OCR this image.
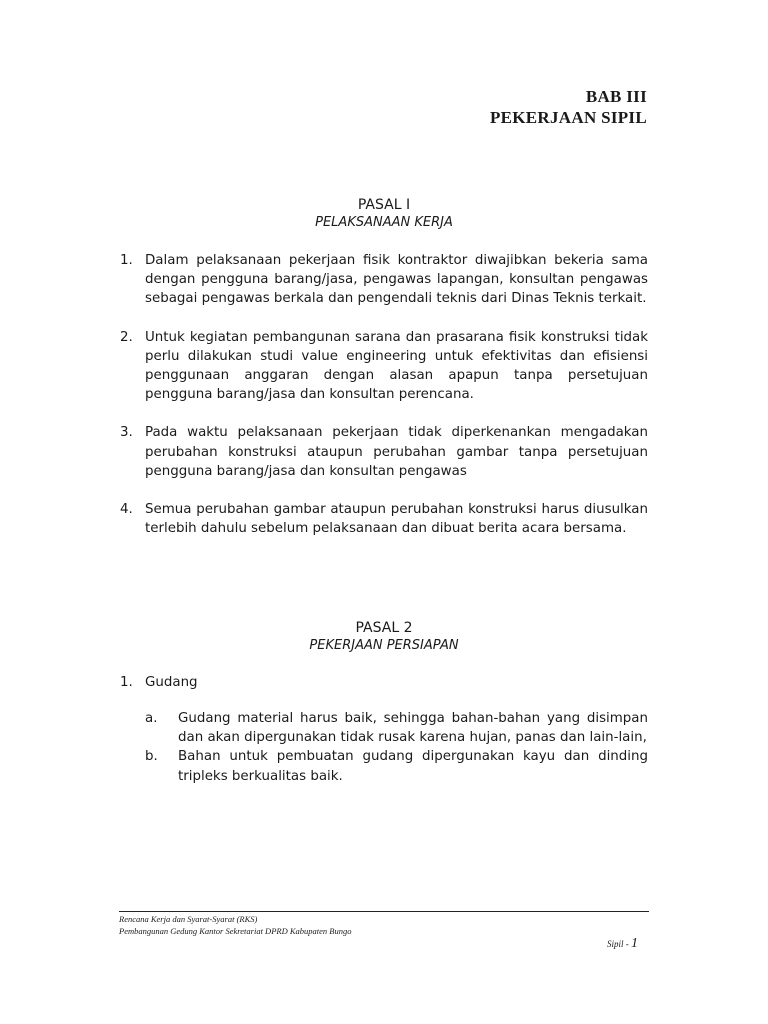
BAB III
PEKERJAAN SIPIL
PASAL I
PELAKSANAAN KERJA
1. Dalam pelaksanaan pekerjaan fisik kontraktor diwajibkan bekeria sama dengan pengguna barang/jasa, pengawas lapangan, konsultan pengawas sebagai pengawas berkala dan pengendali teknis dari Dinas Teknis terkait.
2. Untuk kegiatan pembangunan sarana dan prasarana fisik konstruksi tidak perlu dilakukan studi value engineering untuk efektivitas dan efisiensi penggunaan anggaran dengan alasan apapun tanpa persetujuan pengguna barang/jasa dan konsultan perencana.
3. Pada waktu pelaksanaan pekerjaan tidak diperkenankan mengadakan perubahan konstruksi ataupun perubahan gambar tanpa persetujuan pengguna barang/jasa dan konsultan pengawas
4. Semua perubahan gambar ataupun perubahan konstruksi harus diusulkan terlebih dahulu sebelum pelaksanaan dan dibuat berita acara bersama.
PASAL 2
PEKERJAAN PERSIAPAN
1. Gudang
a.	Gudang material harus baik, sehingga bahan-bahan yang disimpan dan akan dipergunakan tidak rusak karena hujan, panas dan lain-lain,
b.	Bahan untuk pembuatan gudang dipergunakan kayu dan dinding tripleks berkualitas baik.
Rencana Kerja dan Syarat-Syarat (RKS)
Pembangunan Gedung Kantor Sekretariat DPRD Kabupaten Bungo
Sipil - 1
